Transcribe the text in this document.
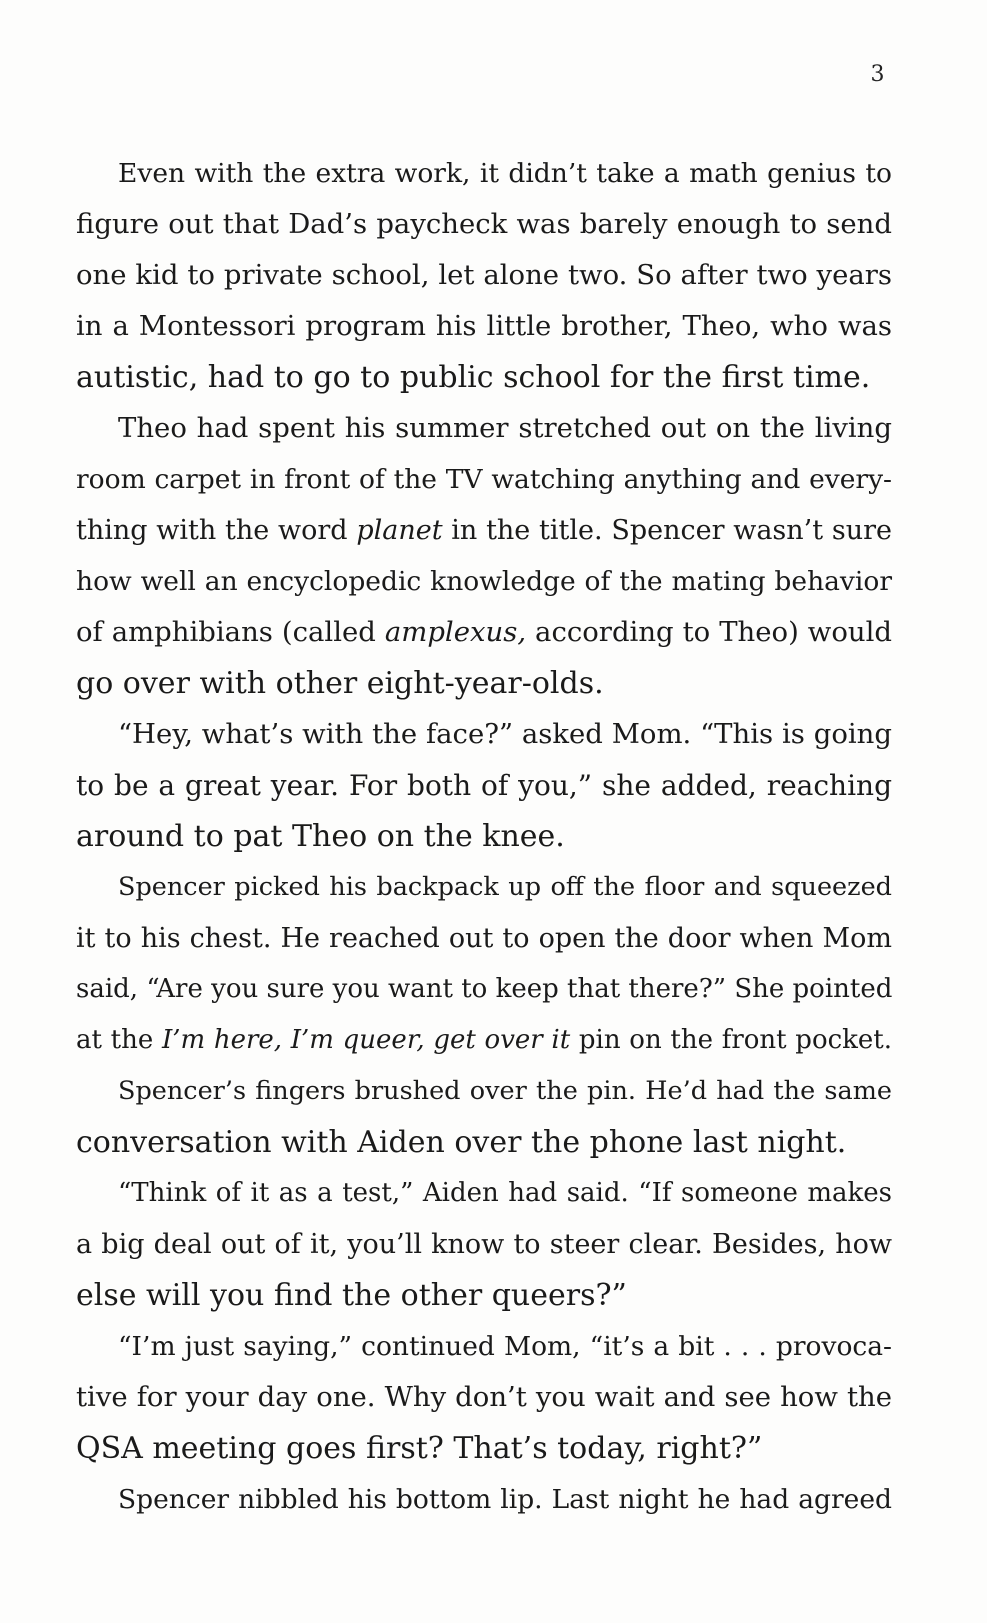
3
Even with the extra work, it didn’t take a math genius to
figure out that Dad’s paycheck was barely enough to send
one kid to private school, let alone two. So after two years
in a Montessori program his little brother, Theo, who was
autistic, had to go to public school for the first time.
Theo had spent his summer stretched out on the living
room carpet in front of the TV watching anything and every-
thing with the word planet in the title. Spencer wasn’t sure
how well an encyclopedic knowledge of the mating behavior
of amphibians (called amplexus, according to Theo) would
go over with other eight-year-olds.
“Hey, what’s with the face?” asked Mom. “This is going
to be a great year. For both of you,” she added, reaching
around to pat Theo on the knee.
Spencer picked his backpack up off the floor and squeezed
it to his chest. He reached out to open the door when Mom
said, “Are you sure you want to keep that there?” She pointed
at the I’m here, I’m queer, get over it pin on the front pocket.
Spencer’s fingers brushed over the pin. He’d had the same
conversation with Aiden over the phone last night.
“Think of it as a test,” Aiden had said. “If someone makes
a big deal out of it, you’ll know to steer clear. Besides, how
else will you find the other queers?”
“I’m just saying,” continued Mom, “it’s a bit . . . provoca-
tive for your day one. Why don’t you wait and see how the
QSA meeting goes first? That’s today, right?”
Spencer nibbled his bottom lip. Last night he had agreed
